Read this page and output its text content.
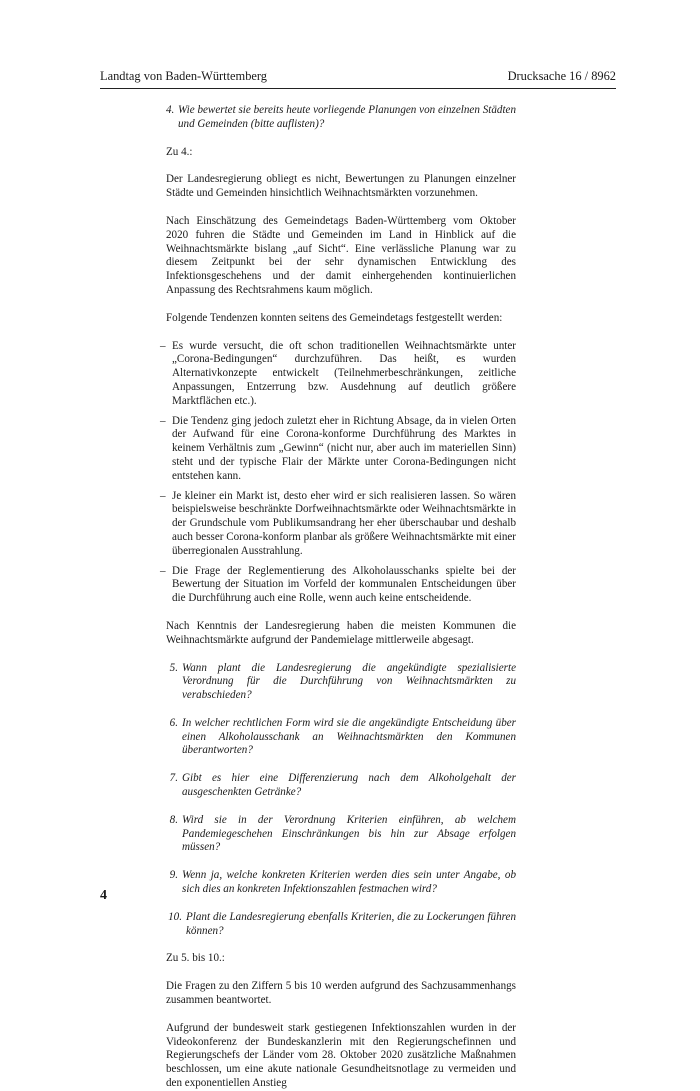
Landtag von Baden-Württemberg	Drucksache 16 / 8962
4. Wie bewertet sie bereits heute vorliegende Planungen von einzelnen Städten und Gemeinden (bitte auflisten)?

Zu 4.:

Der Landesregierung obliegt es nicht, Bewertungen zu Planungen einzelner Städte und Gemeinden hinsichtlich Weihnachtsmärkten vorzunehmen.

Nach Einschätzung des Gemeindetags Baden-Württemberg vom Oktober 2020 fuhren die Städte und Gemeinden im Land in Hinblick auf die Weihnachtsmärkte bislang „auf Sicht“. Eine verlässliche Planung war zu diesem Zeitpunkt bei der sehr dynamischen Entwicklung des Infektionsgeschehens und der damit einhergehenden kontinuierlichen Anpassung des Rechtsrahmens kaum möglich.

Folgende Tendenzen konnten seitens des Gemeindetags festgestellt werden:

– Es wurde versucht, die oft schon traditionellen Weihnachtsmärkte unter „Corona-Bedingungen“ durchzuführen. Das heißt, es wurden Alternativkonzepte entwickelt (Teilnehmerbeschränkungen, zeitliche Anpassungen, Entzerrung bzw. Ausdehnung auf deutlich größere Marktflächen etc.).
– Die Tendenz ging jedoch zuletzt eher in Richtung Absage, da in vielen Orten der Aufwand für eine Corona-konforme Durchführung des Marktes in keinem Verhältnis zum „Gewinn“ (nicht nur, aber auch im materiellen Sinn) steht und der typische Flair der Märkte unter Corona-Bedingungen nicht entstehen kann.
– Je kleiner ein Markt ist, desto eher wird er sich realisieren lassen. So wären beispielsweise beschränkte Dorfweihnachtsmärkte oder Weihnachtsmärkte in der Grundschule vom Publikumsandrang her eher überschaubar und deshalb auch besser Corona-konform planbar als größere Weihnachtsmärkte mit einer überregionalen Ausstrahlung.
– Die Frage der Reglementierung des Alkoholausschanks spielte bei der Bewertung der Situation im Vorfeld der kommunalen Entscheidungen über die Durchführung auch eine Rolle, wenn auch keine entscheidende.

Nach Kenntnis der Landesregierung haben die meisten Kommunen die Weihnachtsmärkte aufgrund der Pandemielage mittlerweile abgesagt.

5. Wann plant die Landesregierung die angekündigte spezialisierte Verordnung für die Durchführung von Weihnachtsmärkten zu verabschieden?
6. In welcher rechtlichen Form wird sie die angekündigte Entscheidung über einen Alkoholausschank an Weihnachtsmärkten den Kommunen überantworten?
7. Gibt es hier eine Differenzierung nach dem Alkoholgehalt der ausgeschenkten Getränke?
8. Wird sie in der Verordnung Kriterien einführen, ab welchem Pandemiegeschehen Einschränkungen bis hin zur Absage erfolgen müssen?
9. Wenn ja, welche konkreten Kriterien werden dies sein unter Angabe, ob sich dies an konkreten Infektionszahlen festmachen wird?
10. Plant die Landesregierung ebenfalls Kriterien, die zu Lockerungen führen können?

Zu 5. bis 10.:

Die Fragen zu den Ziffern 5 bis 10 werden aufgrund des Sachzusammenhangs zusammen beantwortet.

Aufgrund der bundesweit stark gestiegenen Infektionszahlen wurden in der Videokonferenz der Bundeskanzlerin mit den Regierungschefinnen und Regierungschefs der Länder vom 28. Oktober 2020 zusätzliche Maßnahmen beschlossen, um eine akute nationale Gesundheitsnotlage zu vermeiden und den exponentiellen Anstieg

4
